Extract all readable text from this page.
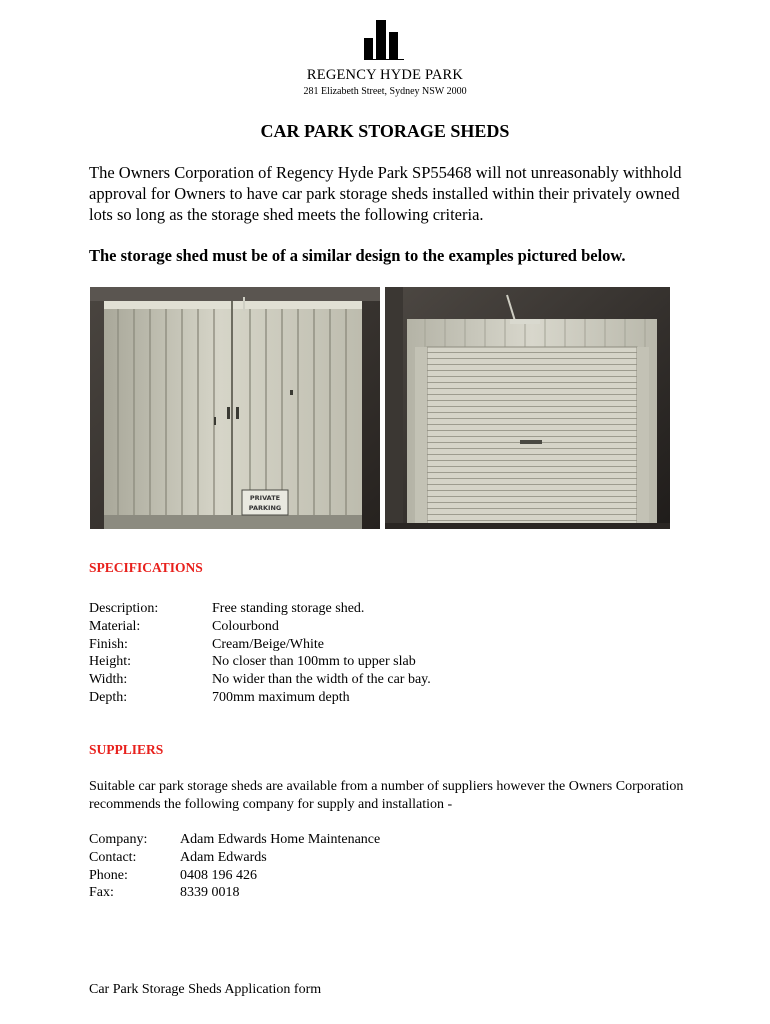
REGENCY HYDE PARK
281 Elizabeth Street, Sydney NSW 2000
CAR PARK STORAGE SHEDS
The Owners Corporation of Regency Hyde Park SP55468 will not unreasonably withhold approval for Owners to have car park storage sheds installed within their privately owned lots so long as the storage shed meets the following criteria.
The storage shed must be of a similar design to the examples pictured below.
PRIVATE
PARKING
SPECIFICATIONS
Description:	Free standing storage shed.
Material:	Colourbond
Finish:	Cream/Beige/White
Height:	No closer than 100mm to upper slab
Width:	No wider than the width of the car bay.
Depth:	700mm maximum depth
SUPPLIERS
Suitable car park storage sheds are available from a number of suppliers however the Owners Corporation recommends the following company for supply and installation -
Company: Adam Edwards Home Maintenance
Contact:	Adam Edwards
Phone:	0408 196 426
Fax:	8339 0018
Car Park Storage Sheds Application form
